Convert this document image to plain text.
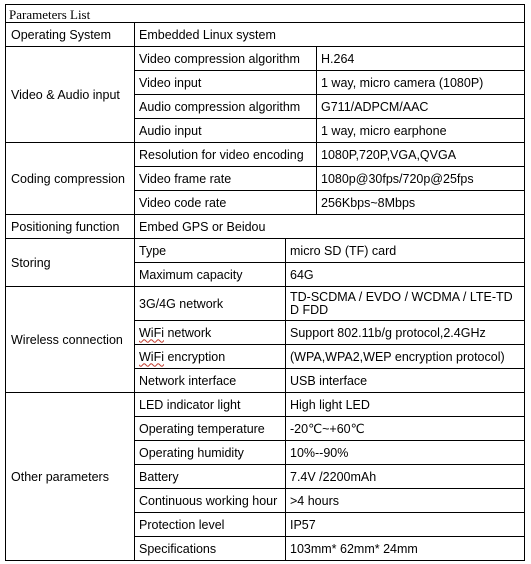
Parameters List			
Operating System	Embedded Linux system		
Video & Audio input	Video compression algorithm		H.264
	Video input		1 way, micro camera (1080P)
	Audio compression algorithm		G711/ADPCM/AAC
	Audio input		1 way, micro earphone
Coding compression	Resolution for video encoding		1080P,720P,VGA,QVGA
	Video frame rate		1080p@30fps/720p@25fps
	Video code rate		256Kbps~8Mbps
Positioning function	Embed GPS or Beidou		
Storing	Type	micro SD (TF) card	
	Maximum capacity	64G	
Wireless connection	3G/4G network	TD-SCDMA / EVDO / WCDMA / LTE-TD
D FDD	
	WiFi network	Support 802.11b/g protocol,2.4GHz	
	WiFi encryption	(WPA,WPA2,WEP encryption protocol)	
	Network interface	USB interface	
Other parameters	LED indicator light	High light LED	
	Operating temperature	-20℃~+60℃	
	Operating humidity	10%--90%	
	Battery	7.4V /2200mAh	
	Continuous working hour	>4 hours	
	Protection level	IP57	
	Specifications	103mm* 62mm* 24mm	
